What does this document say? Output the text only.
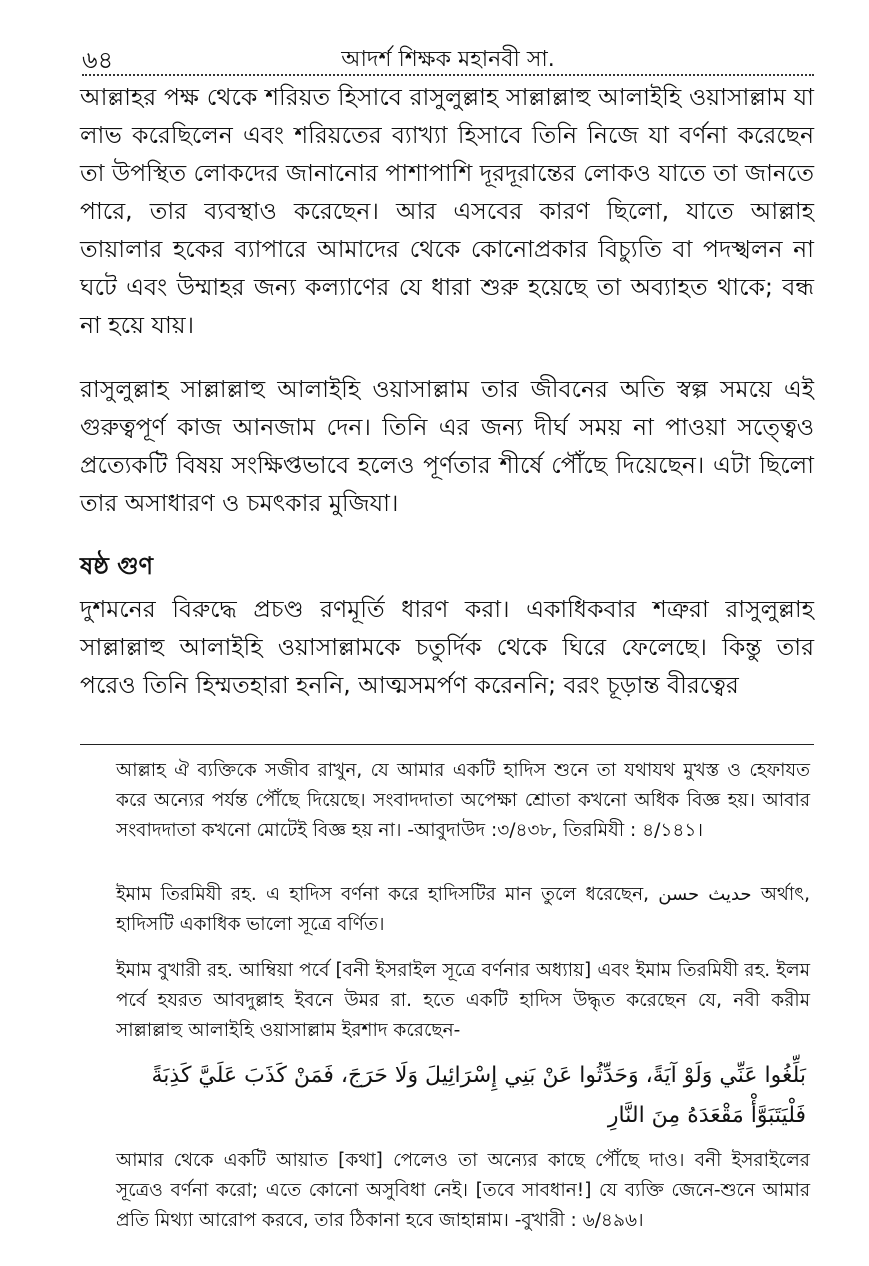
৬৪	আদর্শ শিক্ষক মহানবী সা.

আল্লাহর পক্ষ থেকে শরিয়ত হিসাবে রাসুলুল্লাহ সাল্লাল্লাহু আলাইহি ওয়াসাল্লাম যা লাভ করেছিলেন এবং শরিয়তের ব্যাখ্যা হিসাবে তিনি নিজে যা বর্ণনা করেছেন তা উপস্থিত লোকদের জানানোর পাশাপাশি দূরদূরান্তের লোকও যাতে তা জানতে পারে, তার ব্যবস্থাও করেছেন। আর এসবের কারণ ছিলো, যাতে আল্লাহ তায়ালার হকের ব্যাপারে আমাদের থেকে কোনোপ্রকার বিচ্যুতি বা পদস্খলন না ঘটে এবং উম্মাহর জন্য কল্যাণের যে ধারা শুরু হয়েছে তা অব্যাহত থাকে; বন্ধ না হয়ে যায়।

রাসুলুল্লাহ সাল্লাল্লাহু আলাইহি ওয়াসাল্লাম তার জীবনের অতি স্বল্প সময়ে এই গুরুত্বপূর্ণ কাজ আনজাম দেন। তিনি এর জন্য দীর্ঘ সময় না পাওয়া সত্ত্বেও প্রত্যেকটি বিষয় সংক্ষিপ্তভাবে হলেও পূর্ণতার শীর্ষে পৌঁছে দিয়েছেন। এটা ছিলো তার অসাধারণ ও চমৎকার মুজিযা।

ষষ্ঠ গুণ

দুশমনের বিরুদ্ধে প্রচণ্ড রণমূর্তি ধারণ করা। একাধিকবার শত্রুরা রাসুলুল্লাহ সাল্লাল্লাহু আলাইহি ওয়াসাল্লামকে চতুর্দিক থেকে ঘিরে ফেলেছে। কিন্তু তার পরেও তিনি হিম্মতহারা হননি, আত্মসমর্পণ করেননি; বরং চূড়ান্ত বীরত্বের

আল্লাহ ঐ ব্যক্তিকে সজীব রাখুন, যে আমার একটি হাদিস শুনে তা যথাযথ মুখস্ত ও হেফাযত করে অন্যের পর্যন্ত পৌঁছে দিয়েছে। সংবাদদাতা অপেক্ষা শ্রোতা কখনো অধিক বিজ্ঞ হয়। আবার সংবাদদাতা কখনো মোটেই বিজ্ঞ হয় না। -আবুদাউদ :৩/৪৩৮, তিরমিযী : ৪/১৪১।

ইমাম তিরমিযী রহ. এ হাদিস বর্ণনা করে হাদিসটির মান তুলে ধরেছেন, حديث حسن অর্থাৎ, হাদিসটি একাধিক ভালো সূত্রে বর্ণিত।

ইমাম বুখারী রহ. আম্বিয়া পর্বে [বনী ইসরাইল সূত্রে বর্ণনার অধ্যায়] এবং ইমাম তিরমিযী রহ. ইলম পর্বে হযরত আবদুল্লাহ ইবনে উমর রা. হতে একটি হাদিস উদ্ধৃত করেছেন যে, নবী করীম সাল্লাল্লাহু আলাইহি ওয়াসাল্লাম ইরশাদ করেছেন-

بَلِّغُوا عَنِّي وَلَوْ آيَةً، وَحَدِّثُوا عَنْ بَنِي إِسْرَائِيلَ وَلَا حَرَجَ، فَمَنْ كَذَبَ عَلَيَّ كَذِبَةً
فَلْيَتَبَوَّأْ مَقْعَدَهُ مِنَ النَّارِ

আমার থেকে একটি আয়াত [কথা] পেলেও তা অন্যের কাছে পৌঁছে দাও। বনী ইসরাইলের সূত্রেও বর্ণনা করো; এতে কোনো অসুবিধা নেই। [তবে সাবধান!] যে ব্যক্তি জেনে-শুনে আমার প্রতি মিথ্যা আরোপ করবে, তার ঠিকানা হবে জাহান্নাম। -বুখারী : ৬/৪৯৬।
